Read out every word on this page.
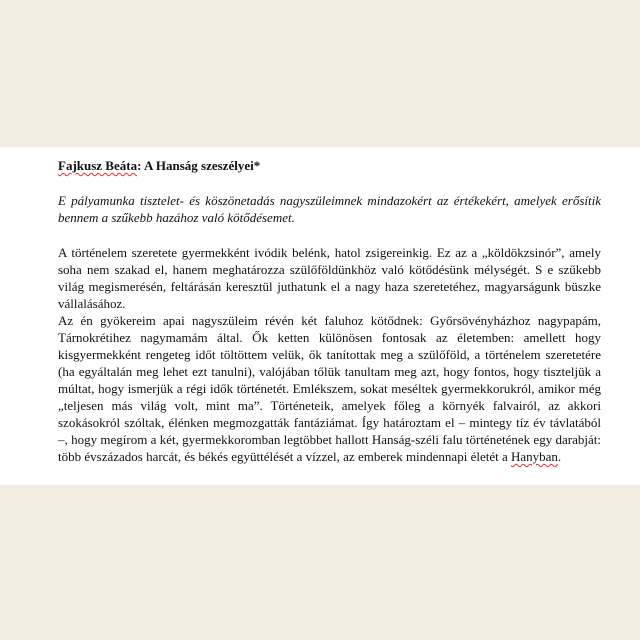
Fajkusz Beáta: A Hanság szeszélyei*

E pályamunka tisztelet- és köszönetadás nagyszüleimnek mindazokért az értékekért, amelyek erősítik bennem a szűkebb hazához való kötődésemet.

A történelem szeretete gyermekként ivódik belénk, hatol zsigereinkig. Ez az a „köldökzsinór”, amely soha nem szakad el, hanem meghatározza szülőföldünkhöz való kötődésünk mélységét. S e szűkebb világ megismerésén, feltárásán keresztül juthatunk el a nagy haza szeretetéhez, magyarságunk büszke vállalásához.

Az én gyökereim apai nagyszüleim révén két faluhoz kötődnek: Győrsövényházhoz nagypapám, Tárnokrétihez nagymamám által. Ők ketten különösen fontosak az életemben: amellett hogy kisgyermekként rengeteg időt töltöttem velük, ők tanítottak meg a szülőföld, a történelem szeretetére (ha egyáltalán meg lehet ezt tanulni), valójában tőlük tanultam meg azt, hogy fontos, hogy tiszteljük a múltat, hogy ismerjük a régi idők történetét. Emlékszem, sokat meséltek gyermekkorukról, amikor még „teljesen más világ volt, mint ma”. Történeteik, amelyek főleg a környék falvairól, az akkori szokásokról szóltak, élénken megmozgatták fantáziámat. Így határoztam el – mintegy tíz év távlatából –, hogy megírom a két, gyermekkoromban legtöbbet hallott Hanság-széli falu történetének egy darabját: több évszázados harcát, és békés együttélését a vízzel, az emberek mindennapi életét a Hanyban.
